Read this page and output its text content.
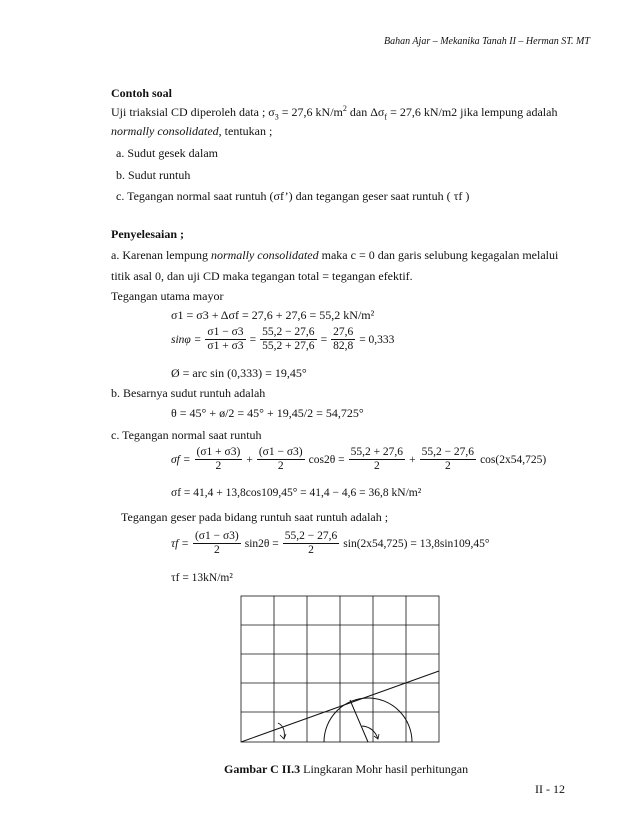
Bahan Ajar – Mekanika Tanah II – Herman ST. MT
Contoh soal
Uji triaksial CD diperoleh data ; $\sigma_3 = 27,6$ $kN/m^2$ dan $\Delta\sigma_f = 27,6$ kN/m2 jika lempung adalah
normally consolidated, tentukan ;
a. Sudut gesek dalam
b. Sudut runtuh
c. Tegangan normal saat runtuh (σf’) dan tegangan geser saat runtuh ( τf )
Penyelesaian ;
a. Karenan lempung normally consolidated maka c = 0 dan garis selubung kegagalan melalui
titik asal 0, dan uji CD maka tegangan total = tegangan efektif.
Tegangan utama mayor
σ1 = σ3 + Δσf = 27,6 + 27,6 = 55,2 kN/m²
$\sin\varphi = \frac{\sigma 1 - \sigma 3}{\sigma 1 + \sigma 3} = \frac{55,2 - 27,6}{55,2 + 27,6} = \frac{27,6}{82,8} = 0,333$
Ø = arc sin (0,333) = 19,45°
b. Besarnya sudut runtuh adalah
θ = 45° + ø/2 = 45° + 19,45/2 = 54,725°
c. Tegangan normal saat runtuh
$\sigma f = \frac{(\sigma 1 + \sigma 3)}{2} + \frac{(\sigma 1 - \sigma 3)}{2} \cos 2\theta = \frac{55,2 + 27,6}{2} + \frac{55,2 - 27,6}{2} \cos(2x54,725)$
σf = 41,4 + 13,8cos109,45° = 41,4 − 4,6 = 36,8 kN/m²
Tegangan geser pada bidang runtuh saat runtuh adalah ;
$\tau f = \frac{(\sigma 1 - \sigma 3)}{2} \sin 2\theta = \frac{55,2 - 27,6}{2} \sin(2x54,725) = 13,8\sin 109,45^\circ$
τf = 13kN/m²
Gambar C II.3 Lingkaran Mohr hasil perhitungan
II - 12
